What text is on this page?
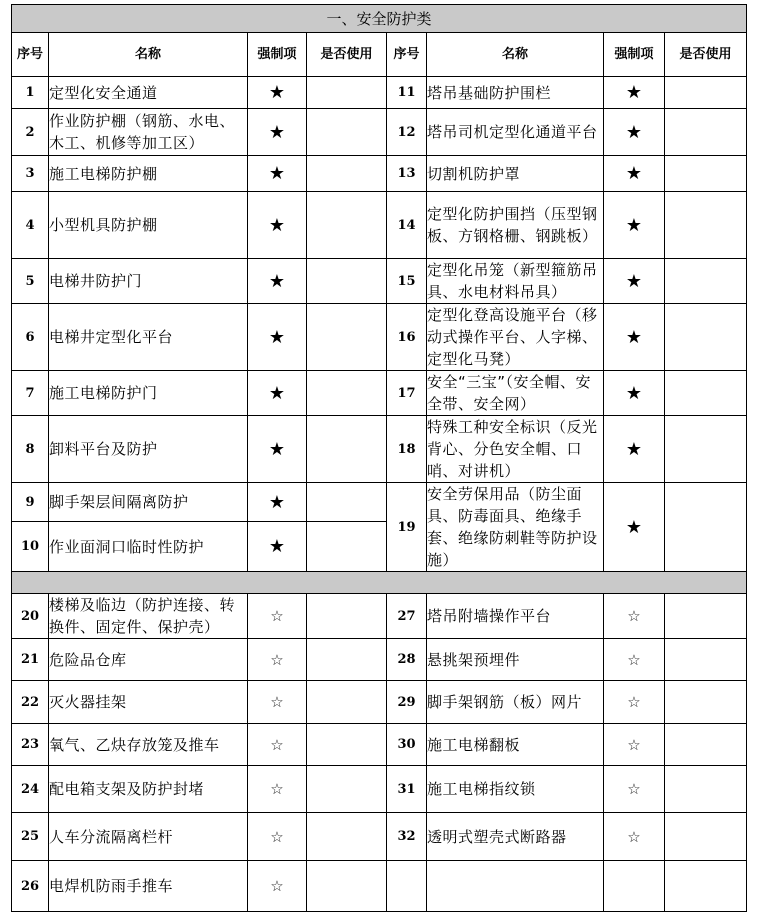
一、安全防护类							
序号	名称	强制项	是否使用	序号	名称	强制项	是否使用
1	定型化安全通道	★		11	塔吊基础防护围栏	★	
2	作业防护棚（钢筋、水电、木工、机修等加工区）	★		12	塔吊司机定型化通道平台	★	
3	施工电梯防护棚	★		13	切割机防护罩	★	
4	小型机具防护棚	★		14	定型化防护围挡（压型钢板、方钢格栅、钢跳板）	★	
5	电梯井防护门	★		15	定型化吊笼（新型箍筋吊具、水电材料吊具）	★	
6	电梯井定型化平台	★		16	定型化登高设施平台（移动式操作平台、人字梯、定型化马凳）	★	
7	施工电梯防护门	★		17	安全“三宝”（安全帽、安全带、安全网）	★	
8	卸料平台及防护	★		18	特殊工种安全标识（反光背心、分色安全帽、口哨、对讲机）	★	
9	脚手架层间隔离防护	★		19	安全劳保用品（防尘面具、防毒面具、绝缘手套、绝缘防刺鞋等防护设施）	★	
10	作业面洞口临时性防护	★					

20	楼梯及临边（防护连接、转换件、固定件、保护壳）	☆		27	塔吊附墙操作平台	☆	
21	危险品仓库	☆		28	悬挑架预埋件	☆	
22	灭火器挂架	☆		29	脚手架钢筋（板）网片	☆	
23	氧气、乙炔存放笼及推车	☆		30	施工电梯翻板	☆	
24	配电箱支架及防护封堵	☆		31	施工电梯指纹锁	☆	
25	人车分流隔离栏杆	☆		32	透明式塑壳式断路器	☆	
26	电焊机防雨手推车	☆					
